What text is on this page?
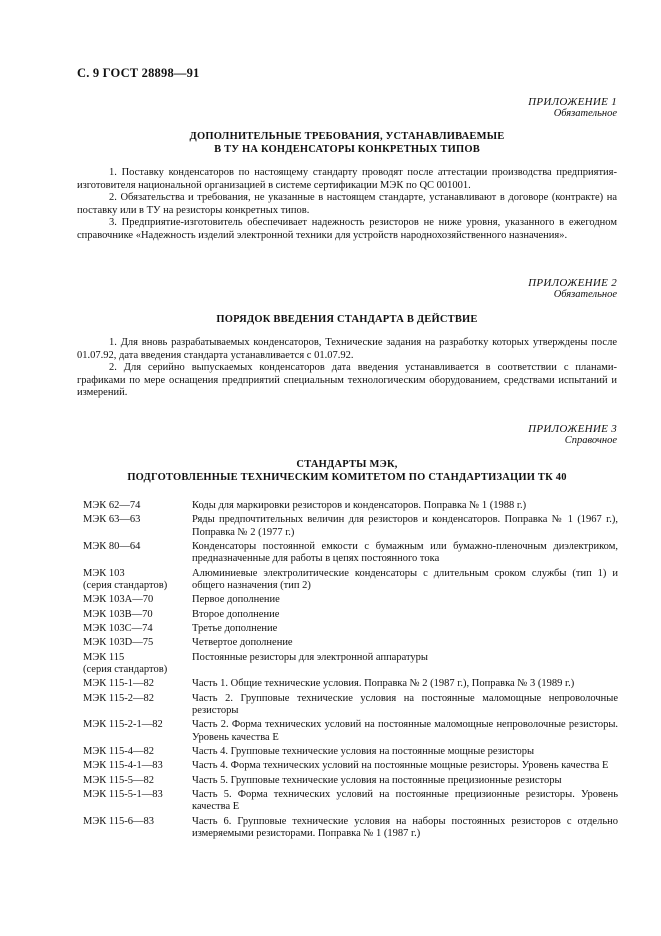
С. 9 ГОСТ 28898—91
ПРИЛОЖЕНИЕ 1
Обязательное
ДОПОЛНИТЕЛЬНЫЕ ТРЕБОВАНИЯ, УСТАНАВЛИВАЕМЫЕ
В ТУ НА КОНДЕНСАТОРЫ КОНКРЕТНЫХ ТИПОВ

1. Поставку конденсаторов по настоящему стандарту проводят после аттестации производства предприятия-изготовителя национальной организацией в системе сертификации МЭК по QC 001001.

2. Обязательства и требования, не указанные в настоящем стандарте, устанавливают в договоре (контракте) на поставку или в ТУ на резисторы конкретных типов.

3. Предприятие-изготовитель обеспечивает надежность резисторов не ниже уровня, указанного в ежегодном справочнике «Надежность изделий электронной техники для устройств народнохозяйственного назначения».

ПРИЛОЖЕНИЕ 2
Обязательное
ПОРЯДОК ВВЕДЕНИЯ СТАНДАРТА В ДЕЙСТВИЕ

1. Для вновь разрабатываемых конденсаторов, Технические задания на разработку которых утверждены после 01.07.92, дата введения стандарта устанавливается с 01.07.92.

2. Для серийно выпускаемых конденсаторов дата введения устанавливается в соответствии с планами-графиками по мере оснащения предприятий специальным технологическим оборудованием, средствами испытаний и измерений.

ПРИЛОЖЕНИЕ 3
Справочное
СТАНДАРТЫ МЭК,
ПОДГОТОВЛЕННЫЕ ТЕХНИЧЕСКИМ КОМИТЕТОМ ПО СТАНДАРТИЗАЦИИ ТК 40
МЭК 62—74	Коды для маркировки резисторов и конденсаторов. Поправка № 1 (1988 г.)

МЭК 63—63	Ряды предпочтительных величин для резисторов и конденсаторов. Поправка № 1 (1967 г.), Поправка № 2 (1977 г.)

МЭК 80—64	Конденсаторы постоянной емкости с бумажным или бумажно-пленочным диэлектриком, предназначенные для работы в цепях постоянного тока

МЭК 103
(серия стандартов)	Алюминиевые электролитические конденсаторы с длительным сроком службы (тип 1) и общего назначения (тип 2)

МЭК 103А—70	Первое дополнение

МЭК 103В—70	Второе дополнение

МЭК 103С—74	Третье дополнение

МЭК 103D—75	Четвертое дополнение

МЭК 115
(серия стандартов)	Постоянные резисторы для электронной аппаратуры

МЭК 115-1—82	Часть 1. Общие технические условия. Поправка № 2 (1987 г.), Поправка № 3 (1989 г.)

МЭК 115-2—82	Часть 2. Групповые технические условия на постоянные маломощные непроволочные резисторы

МЭК 115-2-1—82	Часть 2. Форма технических условий на постоянные маломощные непроволочные резисторы. Уровень качества Е

МЭК 115-4—82	Часть 4. Групповые технические условия на постоянные мощные резисторы

МЭК 115-4-1—83	Часть 4. Форма технических условий на постоянные мощные резисторы. Уровень качества Е

МЭК 115-5—82	Часть 5. Групповые технические условия на постоянные прецизионные резисторы

МЭК 115-5-1—83	Часть 5. Форма технических условий на постоянные прецизионные резисторы. Уровень качества Е

МЭК 115-6—83	Часть 6. Групповые технические условия на наборы постоянных резисторов с отдельно измеряемыми резисторами. Поправка № 1 (1987 г.)
